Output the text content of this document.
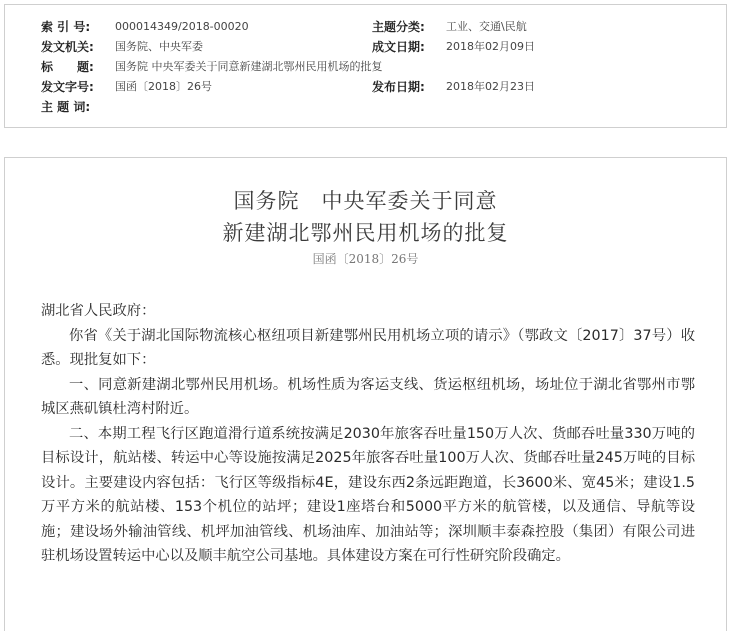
索 引 号: 000014349/2018-00020	主题分类: 工业、交通\民航
发文机关: 国务院、中央军委	成文日期: 2018年02月09日
标　　题: 国务院 中央军委关于同意新建湖北鄂州民用机场的批复
发文字号: 国函〔2018〕26号	发布日期: 2018年02月23日
主 题 词:
国务院　中央军委关于同意
新建湖北鄂州民用机场的批复
国函〔2018〕26号

湖北省人民政府：

你省《关于湖北国际物流核心枢纽项目新建鄂州民用机场立项的请示》（鄂政文〔2017〕37号）收悉。现批复如下：

一、同意新建湖北鄂州民用机场。机场性质为客运支线、货运枢纽机场，场址位于湖北省鄂州市鄂城区燕矶镇杜湾村附近。

二、本期工程飞行区跑道滑行道系统按满足2030年旅客吞吐量150万人次、货邮吞吐量330万吨的目标设计，航站楼、转运中心等设施按满足2025年旅客吞吐量100万人次、货邮吞吐量245万吨的目标设计。主要建设内容包括：飞行区等级指标4E，建设东西2条远距跑道，长3600米、宽45米；建设1.5万平方米的航站楼、153个机位的站坪；建设1座塔台和5000平方米的航管楼，以及通信、导航等设施；建设场外输油管线、机坪加油管线、机场油库、加油站等；深圳顺丰泰森控股（集团）有限公司进驻机场设置转运中心以及顺丰航空公司基地。具体建设方案在可行性研究阶段确定。
